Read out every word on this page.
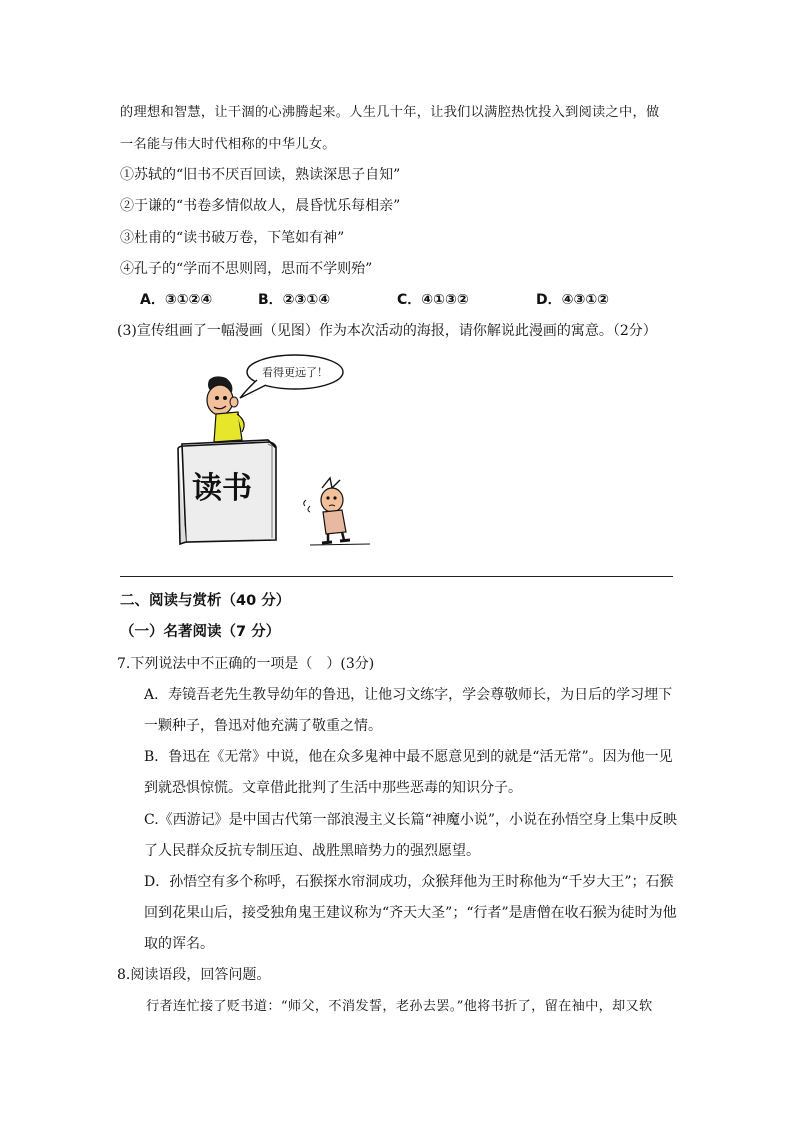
的理想和智慧，让干涸的心沸腾起来。人生几十年，让我们以满腔热忱投入到阅读之中，做
一名能与伟大时代相称的中华儿女。
①苏轼的“旧书不厌百回读，熟读深思子自知”
②于谦的“书卷多情似故人，晨昏忧乐每相亲”
③杜甫的“读书破万卷，下笔如有神”
④孔子的“学而不思则罔，思而不学则殆”
A．③①②④	B．②③①④	C．④①③②	D．④③①②
(3)宣传组画了一幅漫画（见图）作为本次活动的海报，请你解说此漫画的寓意。（2分）
看得更远了！
读书
二、阅读与赏析（40 分）
（一）名著阅读（7 分）
7.下列说法中不正确的一项是（　）(3分)
A．寿镜吾老先生教导幼年的鲁迅，让他习文练字，学会尊敬师长，为日后的学习埋下
一颗种子，鲁迅对他充满了敬重之情。
B．鲁迅在《无常》中说，他在众多鬼神中最不愿意见到的就是“活无常”。因为他一见
到就恐惧惊慌。文章借此批判了生活中那些恶毒的知识分子。
C.《西游记》是中国古代第一部浪漫主义长篇“神魔小说”，小说在孙悟空身上集中反映
了人民群众反抗专制压迫、战胜黑暗势力的强烈愿望。
D．孙悟空有多个称呼，石猴探水帘洞成功，众猴拜他为王时称他为“千岁大王”；石猴
回到花果山后，接受独角鬼王建议称为“齐天大圣”；“行者”是唐僧在收石猴为徒时为他
取的诨名。
8.阅读语段，回答问题。
行者连忙接了贬书道：“师父，不消发誓，老孙去罢。”他将书折了，留在袖中，却又软
